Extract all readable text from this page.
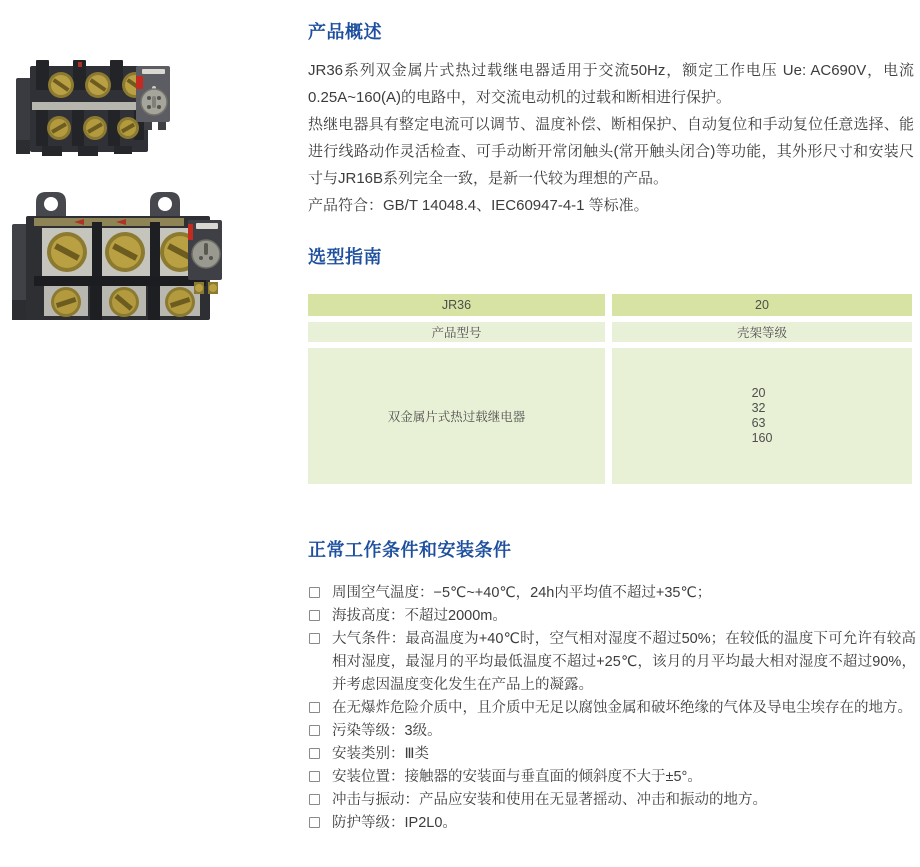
产品概述

JR36系列双金属片式热过载继电器适用于交流50Hz，额定工作电压 Ue: AC690V，电流0.25A~160(A)的电路中，对交流电动机的过载和断相进行保护。

热继电器具有整定电流可以调节、温度补偿、断相保护、自动复位和手动复位任意选择、能进行线路动作灵活检查、可手动断开常闭触头(常开触头闭合)等功能，其外形尺寸和安装尺寸与JR16B系列完全一致，是新一代较为理想的产品。

产品符合：GB/T 14048.4、IEC60947-4-1 等标准。

选型指南
JR36	20
产品型号	壳架等级
双金属片式热过载继电器
20
32
63
160
正常工作条件和安装条件
周围空气温度：−5℃~+40℃，24h内平均值不超过+35℃；
海拔高度：不超过2000m。
大气条件：最高温度为+40℃时，空气相对湿度不超过50%；在较低的温度下可允许有较高相对湿度，最湿月的平均最低温度不超过+25℃，该月的月平均最大相对湿度不超过90%，并考虑因温度变化发生在产品上的凝露。
在无爆炸危险介质中，且介质中无足以腐蚀金属和破坏绝缘的气体及导电尘埃存在的地方。
污染等级：3级。
安装类别：Ⅲ类
安装位置：接触器的安装面与垂直面的倾斜度不大于±5°。
冲击与振动：产品应安装和使用在无显著摇动、冲击和振动的地方。
防护等级：IP2L0。
